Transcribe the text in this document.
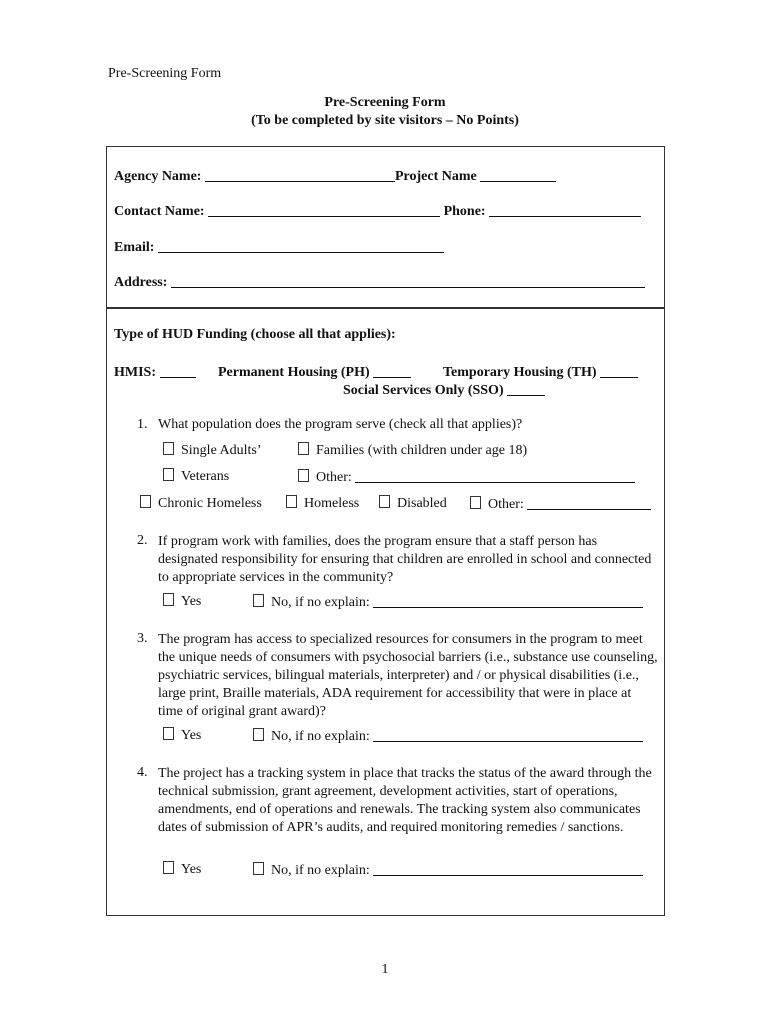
Pre-Screening Form
Pre-Screening Form
(To be completed by site visitors – No Points)
Agency Name:	Project Name
Contact Name:	Phone:
Email:
Address:
Type of HUD Funding (choose all that applies):
HMIS:	Permanent Housing (PH)	Temporary Housing (TH)
Social Services Only (SSO)
1. What population does the program serve (check all that applies)?
Single Adults’	Families (with children under age 18)
Veterans	Other:
Chronic Homeless	Homeless	Disabled	Other:
2. If program work with families, does the program ensure that a staff person has designated responsibility for ensuring that children are enrolled in school and connected to appropriate services in the community?
Yes	No, if no explain:
3. The program has access to specialized resources for consumers in the program to meet the unique needs of consumers with psychosocial barriers (i.e., substance use counseling, psychiatric services, bilingual materials, interpreter) and / or physical disabilities (i.e., large print, Braille materials, ADA requirement for accessibility that were in place at time of original grant award)?
Yes	No, if no explain:
4. The project has a tracking system in place that tracks the status of the award through the technical submission, grant agreement, development activities, start of operations, amendments, end of operations and renewals. The tracking system also communicates dates of submission of APR’s audits, and required monitoring remedies / sanctions.
Yes	No, if no explain:
1
